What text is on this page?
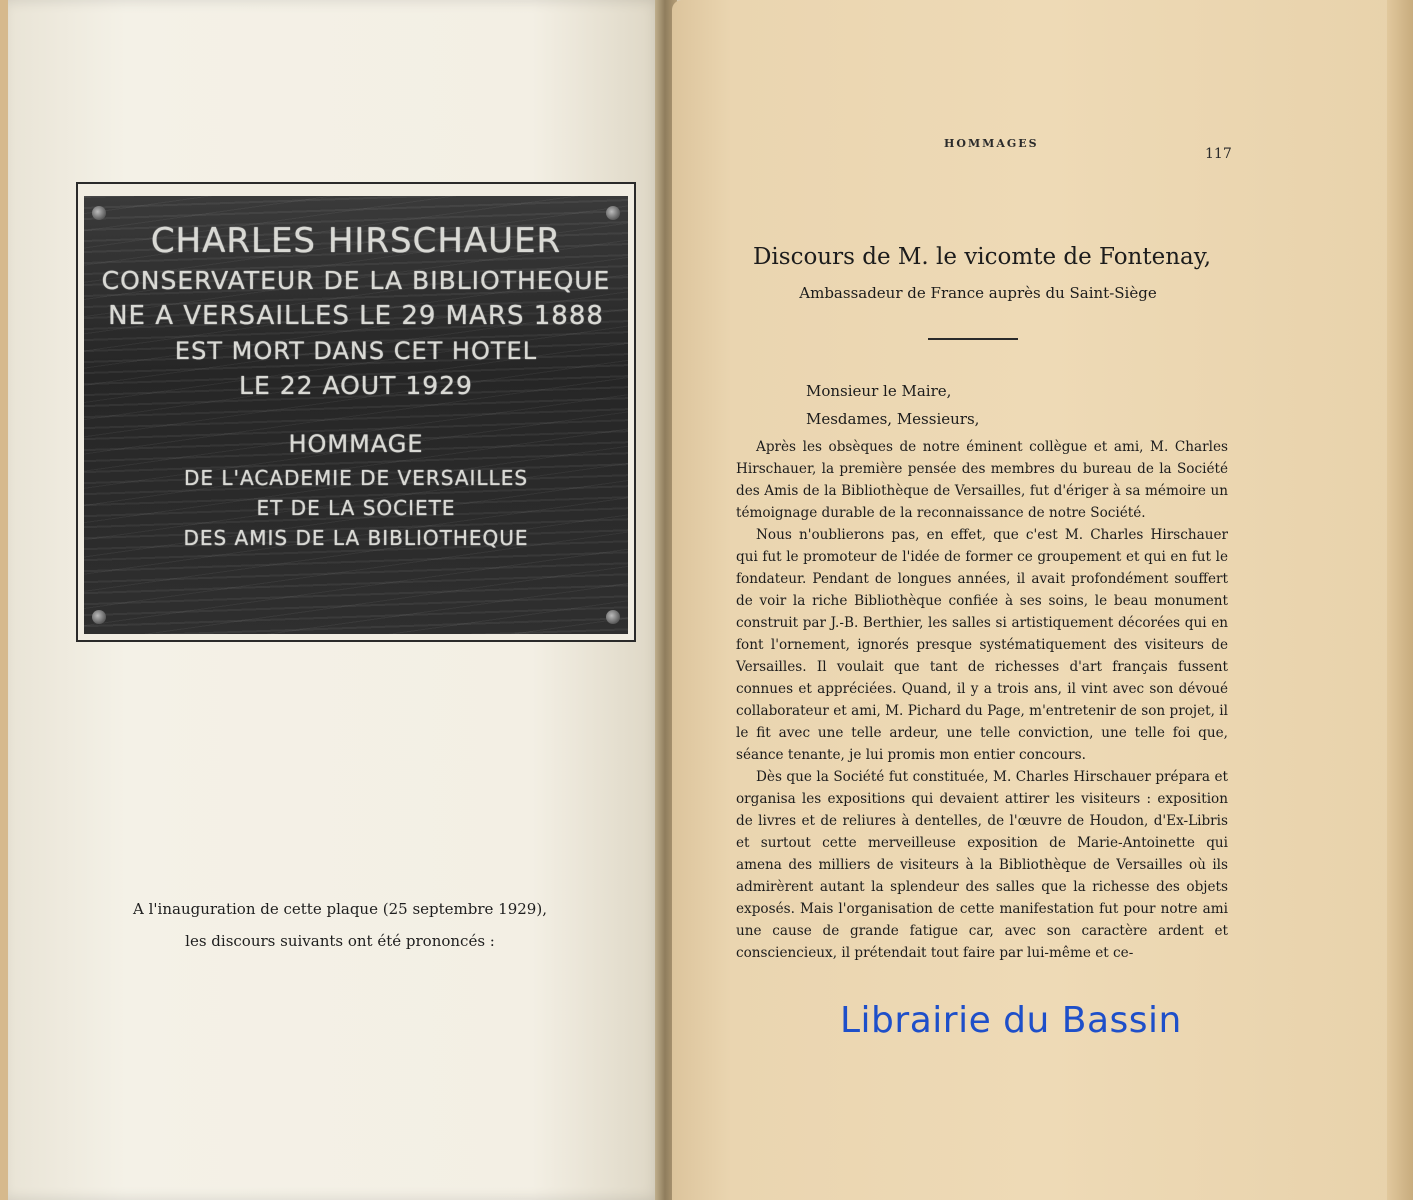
CHARLES HIRSCHAUER
CONSERVATEUR DE LA BIBLIOTHEQUE
NE A VERSAILLES LE 29 MARS 1888
EST MORT DANS CET HOTEL
LE 22 AOUT 1929
HOMMAGE
DE L'ACADEMIE DE VERSAILLES
ET DE LA SOCIETE
DES AMIS DE LA BIBLIOTHEQUE
A l'inauguration de cette plaque (25 septembre 1929),
les discours suivants ont été prononcés :
HOMMAGES
117
Discours de M. le vicomte de Fontenay,
Ambassadeur de France auprès du Saint-Siège
Monsieur le Maire,
Mesdames, Messieurs,

Après les obsèques de notre éminent collègue et ami, M. Charles Hirschauer, la première pensée des membres du bureau de la Société des Amis de la Bibliothèque de Versailles, fut d'ériger à sa mémoire un témoignage durable de la reconnaissance de notre Société.

Nous n'oublierons pas, en effet, que c'est M. Charles Hirschauer qui fut le promoteur de l'idée de former ce groupement et qui en fut le fondateur. Pendant de longues années, il avait profondément souffert de voir la riche Bibliothèque confiée à ses soins, le beau monument construit par J.-B. Berthier, les salles si artistiquement décorées qui en font l'ornement, ignorés presque systématiquement des visiteurs de Versailles. Il voulait que tant de richesses d'art français fussent connues et appréciées. Quand, il y a trois ans, il vint avec son dévoué collaborateur et ami, M. Pichard du Page, m'entretenir de son projet, il le fit avec une telle ardeur, une telle conviction, une telle foi que, séance tenante, je lui promis mon entier concours.

Dès que la Société fut constituée, M. Charles Hirschauer prépara et organisa les expositions qui devaient attirer les visiteurs : exposition de livres et de reliures à dentelles, de l'œuvre de Houdon, d'Ex-Libris et surtout cette merveilleuse exposition de Marie-Antoinette qui amena des milliers de visiteurs à la Bibliothèque de Versailles où ils admirèrent autant la splendeur des salles que la richesse des objets exposés. Mais l'organisation de cette manifestation fut pour notre ami une cause de grande fatigue car, avec son caractère ardent et consciencieux, il prétendait tout faire par lui-même et ce-

Librairie du Bassin
